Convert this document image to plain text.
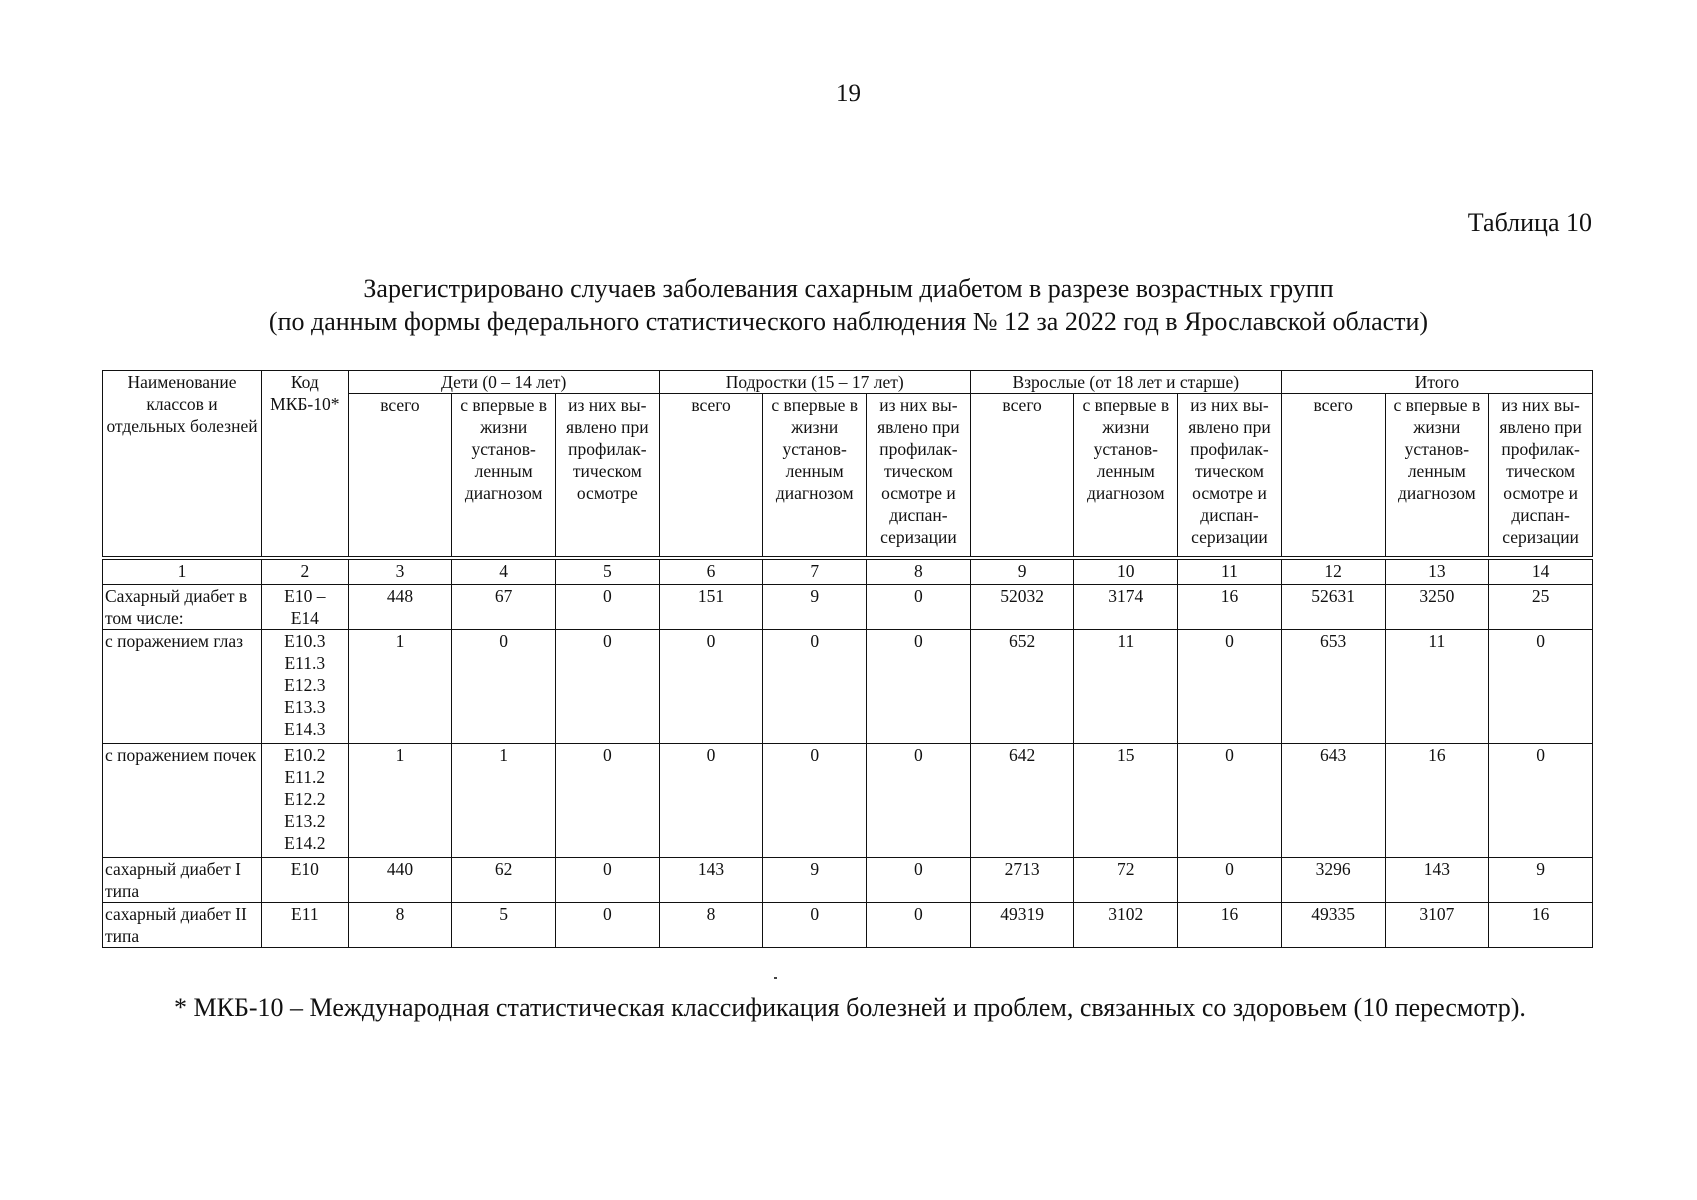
19
Таблица 10
Зарегистрировано случаев заболевания сахарным диабетом в разрезе возрастных групп
(по данным формы федерального статистического наблюдения № 12 за 2022 год в Ярославской области)
Наименование классов и отдельных болезней	Код МКБ-10*	Дети (0 – 14 лет)			Подростки (15 – 17 лет)			Взрослые (от 18 лет и старше)			Итого		
		всего	с впервые в жизни установ-ленным диагнозом	из них вы-явлено при профилак-тическом осмотре	всего	с впервые в жизни установ-ленным диагнозом	из них вы-явлено при профилак-тическом осмотре и диспан-серизации	всего	с впервые в жизни установ-ленным диагнозом	из них вы-явлено при профилак-тическом осмотре и диспан-серизации	всего	с впервые в жизни установ-ленным диагнозом	из них вы-явлено при профилак-тическом осмотре и диспан-серизации
1	2	3	4	5	6	7	8	9	10	11	12	13	14
Сахарный диабет в том числе:	E10 –
E14	448	67	0	151	9	0	52032	3174	16	52631	3250	25
с поражением глаз	E10.3
E11.3
E12.3
E13.3
E14.3	1	0	0	0	0	0	652	11	0	653	11	0
с поражением почек	E10.2
E11.2
E12.2
E13.2
E14.2	1	1	0	0	0	0	642	15	0	643	16	0
сахарный диабет I типа	E10	440	62	0	143	9	0	2713	72	0	3296	143	9
сахарный диабет II типа	E11	8	5	0	8	0	0	49319	3102	16	49335	3107	16
* МКБ-10 – Международная статистическая классификация болезней и проблем, связанных со здоровьем (10 пересмотр).
